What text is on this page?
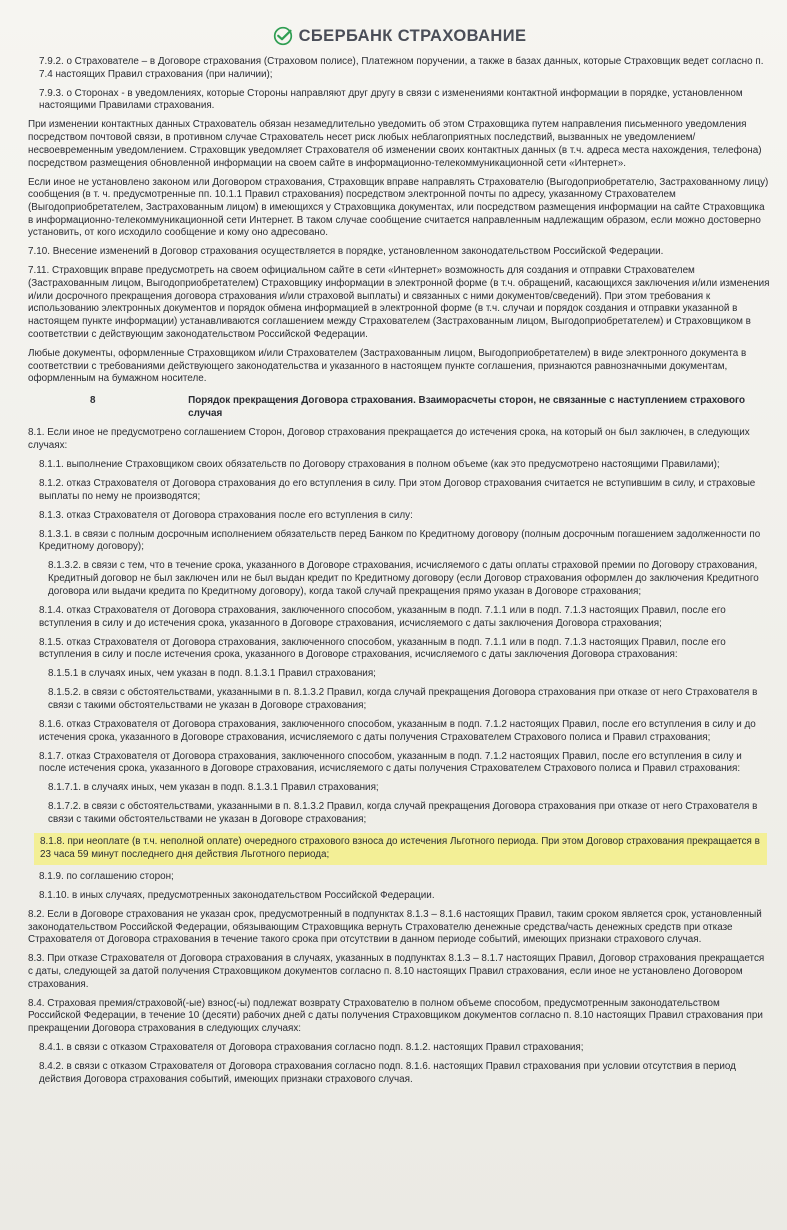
СБЕРБАНК СТРАХОВАНИЕ
7.9.2. о Страхователе – в Договоре страхования (Страховом полисе), Платежном поручении, а также в базах данных, которые Страховщик ведет согласно п. 7.4 настоящих Правил страхования (при наличии);
7.9.3. о Сторонах - в уведомлениях, которые Стороны направляют друг другу в связи с изменениями контактной информации в порядке, установленном настоящими Правилами страхования.
При изменении контактных данных Страхователь обязан незамедлительно уведомить об этом Страховщика путем направления письменного уведомления посредством почтовой связи, в противном случае Страхователь несет риск любых неблагоприятных последствий, вызванных не уведомлением/ несвоевременным уведомлением. Страховщик уведомляет Страхователя об изменении своих контактных данных (в т.ч. адреса места нахождения, телефона) посредством размещения обновленной информации на своем сайте в информационно-телекоммуникационной сети «Интернет».
Если иное не установлено законом или Договором страхования, Страховщик вправе направлять Страхователю (Выгодоприобретателю, Застрахованному лицу) сообщения (в т. ч. предусмотренные пп. 10.1.1 Правил страхования) посредством электронной почты по адресу, указанному Страхователем (Выгодоприобретателем, Застрахованным лицом) в имеющихся у Страховщика документах, или посредством размещения информации на сайте Страховщика в информационно-телекоммуникационной сети Интернет. В таком случае сообщение считается направленным надлежащим образом, если можно достоверно установить, от кого исходило сообщение и кому оно адресовано.
7.10. Внесение изменений в Договор страхования осуществляется в порядке, установленном законодательством Российской Федерации.
7.11. Страховщик вправе предусмотреть на своем официальном сайте в сети «Интернет» возможность для создания и отправки Страхователем (Застрахованным лицом, Выгодоприобретателем) Страховщику информации в электронной форме (в т.ч. обращений, касающихся заключения и/или изменения и/или досрочного прекращения договора страхования и/или страховой выплаты) и связанных с ними документов/сведений). При этом требования к использованию электронных документов и порядок обмена информацией в электронной форме (в т.ч. случаи и порядок создания и отправки указанной в настоящем пункте информации) устанавливаются соглашением между Страхователем (Застрахованным лицом, Выгодоприобретателем) и Страховщиком в соответствии с действующим законодательством Российской Федерации.
Любые документы, оформленные Страховщиком и/или Страхователем (Застрахованным лицом, Выгодоприобретателем) в виде электронного документа в соответствии с требованиями действующего законодательства и указанного в настоящем пункте соглашения, признаются равнозначными документам, оформленным на бумажном носителе.
8	Порядок прекращения Договора страхования. Взаиморасчеты сторон, не связанные с наступлением страхового случая
8.1. Если иное не предусмотрено соглашением Сторон, Договор страхования прекращается до истечения срока, на который он был заключен, в следующих случаях:
8.1.1. выполнение Страховщиком своих обязательств по Договору страхования в полном объеме (как это предусмотрено настоящими Правилами);
8.1.2. отказ Страхователя от Договора страхования до его вступления в силу. При этом Договор страхования считается не вступившим в силу, и страховые выплаты по нему не производятся;
8.1.3. отказ Страхователя от Договора страхования после его вступления в силу:
8.1.3.1. в связи с полным досрочным исполнением обязательств перед Банком по Кредитному договору (полным досрочным погашением задолженности по Кредитному договору);
8.1.3.2. в связи с тем, что в течение срока, указанного в Договоре страхования, исчисляемого с даты оплаты страховой премии по Договору страхования, Кредитный договор не был заключен или не был выдан кредит по Кредитному договору (если Договор страхования оформлен до заключения Кредитного договора или выдачи кредита по Кредитному договору), когда такой случай прекращения прямо указан в Договоре страхования;
8.1.4. отказ Страхователя от Договора страхования, заключенного способом, указанным в подп. 7.1.1 или в подп. 7.1.3 настоящих Правил, после его вступления в силу и до истечения срока, указанного в Договоре страхования, исчисляемого с даты заключения Договора страхования;
8.1.5. отказ Страхователя от Договора страхования, заключенного способом, указанным в подп. 7.1.1 или в подп. 7.1.3 настоящих Правил, после его вступления в силу и после истечения срока, указанного в Договоре страхования, исчисляемого с даты заключения Договора страхования:
8.1.5.1 в случаях иных, чем указан в подп. 8.1.3.1 Правил страхования;
8.1.5.2. в связи с обстоятельствами, указанными в п. 8.1.3.2 Правил, когда случай прекращения Договора страхования при отказе от него Страхователя в связи с такими обстоятельствами не указан в Договоре страхования;
8.1.6. отказ Страхователя от Договора страхования, заключенного способом, указанным в подп. 7.1.2 настоящих Правил, после его вступления в силу и до истечения срока, указанного в Договоре страхования, исчисляемого с даты получения Страхователем Страхового полиса и Правил страхования;
8.1.7. отказ Страхователя от Договора страхования, заключенного способом, указанным в подп. 7.1.2 настоящих Правил, после его вступления в силу и после истечения срока, указанного в Договоре страхования, исчисляемого с даты получения Страхователем Страхового полиса и Правил страхования:
8.1.7.1. в случаях иных, чем указан в подп. 8.1.3.1 Правил страхования;
8.1.7.2. в связи с обстоятельствами, указанными в п. 8.1.3.2 Правил, когда случай прекращения Договора страхования при отказе от него Страхователя в связи с такими обстоятельствами не указан в Договоре страхования;
8.1.8. при неоплате (в т.ч. неполной оплате) очередного страхового взноса до истечения Льготного периода. При этом Договор страхования прекращается в 23 часа 59 минут последнего дня действия Льготного периода;
8.1.9. по соглашению сторон;
8.1.10. в иных случаях, предусмотренных законодательством Российской Федерации.
8.2. Если в Договоре страхования не указан срок, предусмотренный в подпунктах 8.1.3 – 8.1.6 настоящих Правил, таким сроком является срок, установленный законодательством Российской Федерации, обязывающим Страховщика вернуть Страхователю денежные средства/часть денежных средств при отказе Страхователя от Договора страхования в течение такого срока при отсутствии в данном периоде событий, имеющих признаки страхового случая.
8.3. При отказе Страхователя от Договора страхования в случаях, указанных в подпунктах 8.1.3 – 8.1.7 настоящих Правил, Договор страхования прекращается с даты, следующей за датой получения Страховщиком документов согласно п. 8.10 настоящих Правил страхования, если иное не установлено Договором страхования.
8.4. Страховая премия/страховой(-ые) взнос(-ы) подлежат возврату Страхователю в полном объеме способом, предусмотренным законодательством Российской Федерации, в течение 10 (десяти) рабочих дней с даты получения Страховщиком документов согласно п. 8.10 настоящих Правил страхования при прекращении Договора страхования в следующих случаях:
8.4.1. в связи с отказом Страхователя от Договора страхования согласно подп. 8.1.2. настоящих Правил страхования;
8.4.2. в связи с отказом Страхователя от Договора страхования согласно подп. 8.1.6. настоящих Правил страхования при условии отсутствия в период действия Договора страхования событий, имеющих признаки страхового случая.
